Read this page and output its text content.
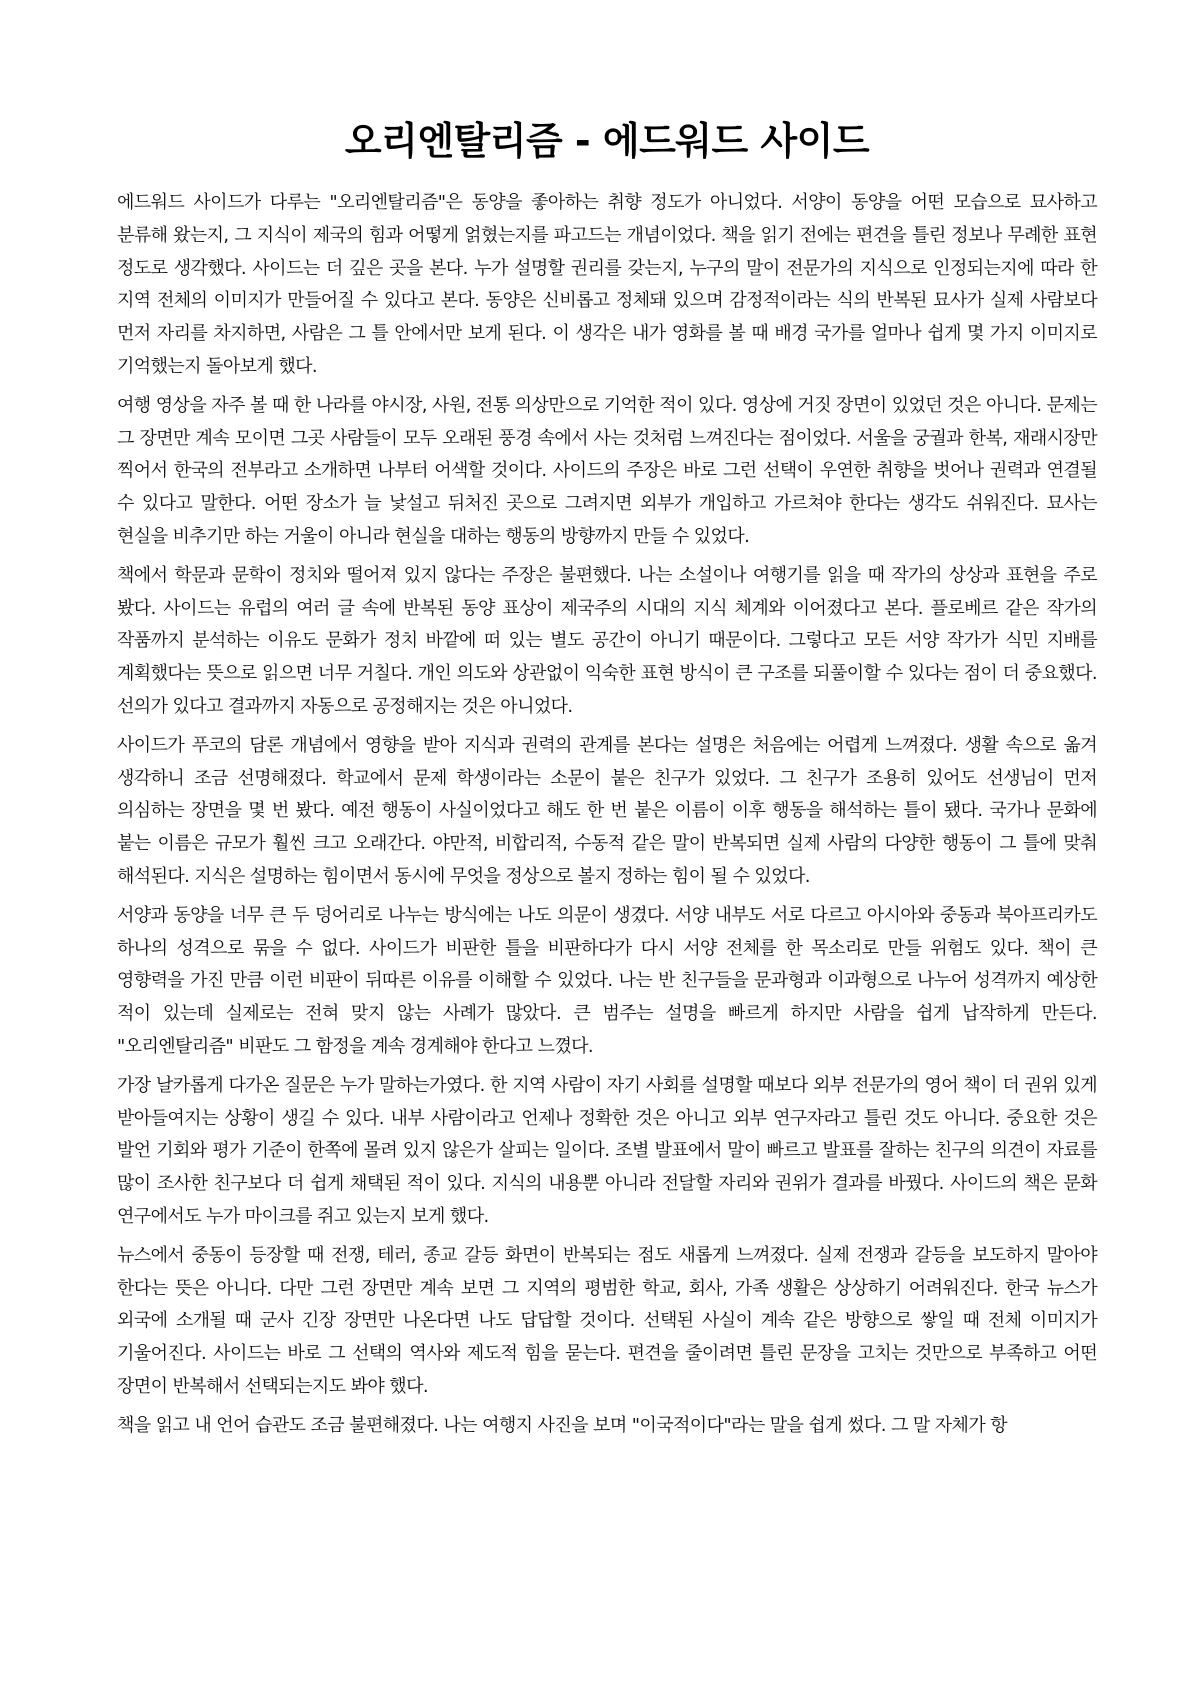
오리엔탈리즘 - 에드워드 사이드

에드워드 사이드가 다루는 "오리엔탈리즘"은 동양을 좋아하는 취향 정도가 아니었다. 서양이 동양을 어떤 모습으로 묘사하고 분류해 왔는지, 그 지식이 제국의 힘과 어떻게 얽혔는지를 파고드는 개념이었다. 책을 읽기 전에는 편견을 틀린 정보나 무례한 표현 정도로 생각했다. 사이드는 더 깊은 곳을 본다. 누가 설명할 권리를 갖는지, 누구의 말이 전문가의 지식으로 인정되는지에 따라 한 지역 전체의 이미지가 만들어질 수 있다고 본다. 동양은 신비롭고 정체돼 있으며 감정적이라는 식의 반복된 묘사가 실제 사람보다 먼저 자리를 차지하면, 사람은 그 틀 안에서만 보게 된다. 이 생각은 내가 영화를 볼 때 배경 국가를 얼마나 쉽게 몇 가지 이미지로 기억했는지 돌아보게 했다.

여행 영상을 자주 볼 때 한 나라를 야시장, 사원, 전통 의상만으로 기억한 적이 있다. 영상에 거짓 장면이 있었던 것은 아니다. 문제는 그 장면만 계속 모이면 그곳 사람들이 모두 오래된 풍경 속에서 사는 것처럼 느껴진다는 점이었다. 서울을 궁궐과 한복, 재래시장만 찍어서 한국의 전부라고 소개하면 나부터 어색할 것이다. 사이드의 주장은 바로 그런 선택이 우연한 취향을 벗어나 권력과 연결될 수 있다고 말한다. 어떤 장소가 늘 낯설고 뒤처진 곳으로 그려지면 외부가 개입하고 가르쳐야 한다는 생각도 쉬워진다. 묘사는 현실을 비추기만 하는 거울이 아니라 현실을 대하는 행동의 방향까지 만들 수 있었다.

책에서 학문과 문학이 정치와 떨어져 있지 않다는 주장은 불편했다. 나는 소설이나 여행기를 읽을 때 작가의 상상과 표현을 주로 봤다. 사이드는 유럽의 여러 글 속에 반복된 동양 표상이 제국주의 시대의 지식 체계와 이어졌다고 본다. 플로베르 같은 작가의 작품까지 분석하는 이유도 문화가 정치 바깥에 떠 있는 별도 공간이 아니기 때문이다. 그렇다고 모든 서양 작가가 식민 지배를 계획했다는 뜻으로 읽으면 너무 거칠다. 개인 의도와 상관없이 익숙한 표현 방식이 큰 구조를 되풀이할 수 있다는 점이 더 중요했다. 선의가 있다고 결과까지 자동으로 공정해지는 것은 아니었다.

사이드가 푸코의 담론 개념에서 영향을 받아 지식과 권력의 관계를 본다는 설명은 처음에는 어렵게 느껴졌다. 생활 속으로 옮겨 생각하니 조금 선명해졌다. 학교에서 문제 학생이라는 소문이 붙은 친구가 있었다. 그 친구가 조용히 있어도 선생님이 먼저 의심하는 장면을 몇 번 봤다. 예전 행동이 사실이었다고 해도 한 번 붙은 이름이 이후 행동을 해석하는 틀이 됐다. 국가나 문화에 붙는 이름은 규모가 훨씬 크고 오래간다. 야만적, 비합리적, 수동적 같은 말이 반복되면 실제 사람의 다양한 행동이 그 틀에 맞춰 해석된다. 지식은 설명하는 힘이면서 동시에 무엇을 정상으로 볼지 정하는 힘이 될 수 있었다.

서양과 동양을 너무 큰 두 덩어리로 나누는 방식에는 나도 의문이 생겼다. 서양 내부도 서로 다르고 아시아와 중동과 북아프리카도 하나의 성격으로 묶을 수 없다. 사이드가 비판한 틀을 비판하다가 다시 서양 전체를 한 목소리로 만들 위험도 있다. 책이 큰 영향력을 가진 만큼 이런 비판이 뒤따른 이유를 이해할 수 있었다. 나는 반 친구들을 문과형과 이과형으로 나누어 성격까지 예상한 적이 있는데 실제로는 전혀 맞지 않는 사례가 많았다. 큰 범주는 설명을 빠르게 하지만 사람을 쉽게 납작하게 만든다. "오리엔탈리즘" 비판도 그 함정을 계속 경계해야 한다고 느꼈다.

가장 날카롭게 다가온 질문은 누가 말하는가였다. 한 지역 사람이 자기 사회를 설명할 때보다 외부 전문가의 영어 책이 더 권위 있게 받아들여지는 상황이 생길 수 있다. 내부 사람이라고 언제나 정확한 것은 아니고 외부 연구자라고 틀린 것도 아니다. 중요한 것은 발언 기회와 평가 기준이 한쪽에 몰려 있지 않은가 살피는 일이다. 조별 발표에서 말이 빠르고 발표를 잘하는 친구의 의견이 자료를 많이 조사한 친구보다 더 쉽게 채택된 적이 있다. 지식의 내용뿐 아니라 전달할 자리와 권위가 결과를 바꿨다. 사이드의 책은 문화 연구에서도 누가 마이크를 쥐고 있는지 보게 했다.

뉴스에서 중동이 등장할 때 전쟁, 테러, 종교 갈등 화면이 반복되는 점도 새롭게 느껴졌다. 실제 전쟁과 갈등을 보도하지 말아야 한다는 뜻은 아니다. 다만 그런 장면만 계속 보면 그 지역의 평범한 학교, 회사, 가족 생활은 상상하기 어려워진다. 한국 뉴스가 외국에 소개될 때 군사 긴장 장면만 나온다면 나도 답답할 것이다. 선택된 사실이 계속 같은 방향으로 쌓일 때 전체 이미지가 기울어진다. 사이드는 바로 그 선택의 역사와 제도적 힘을 묻는다. 편견을 줄이려면 틀린 문장을 고치는 것만으로 부족하고 어떤 장면이 반복해서 선택되는지도 봐야 했다.

책을 읽고 내 언어 습관도 조금 불편해졌다. 나는 여행지 사진을 보며 "이국적이다"라는 말을 쉽게 썼다. 그 말 자체가 항
